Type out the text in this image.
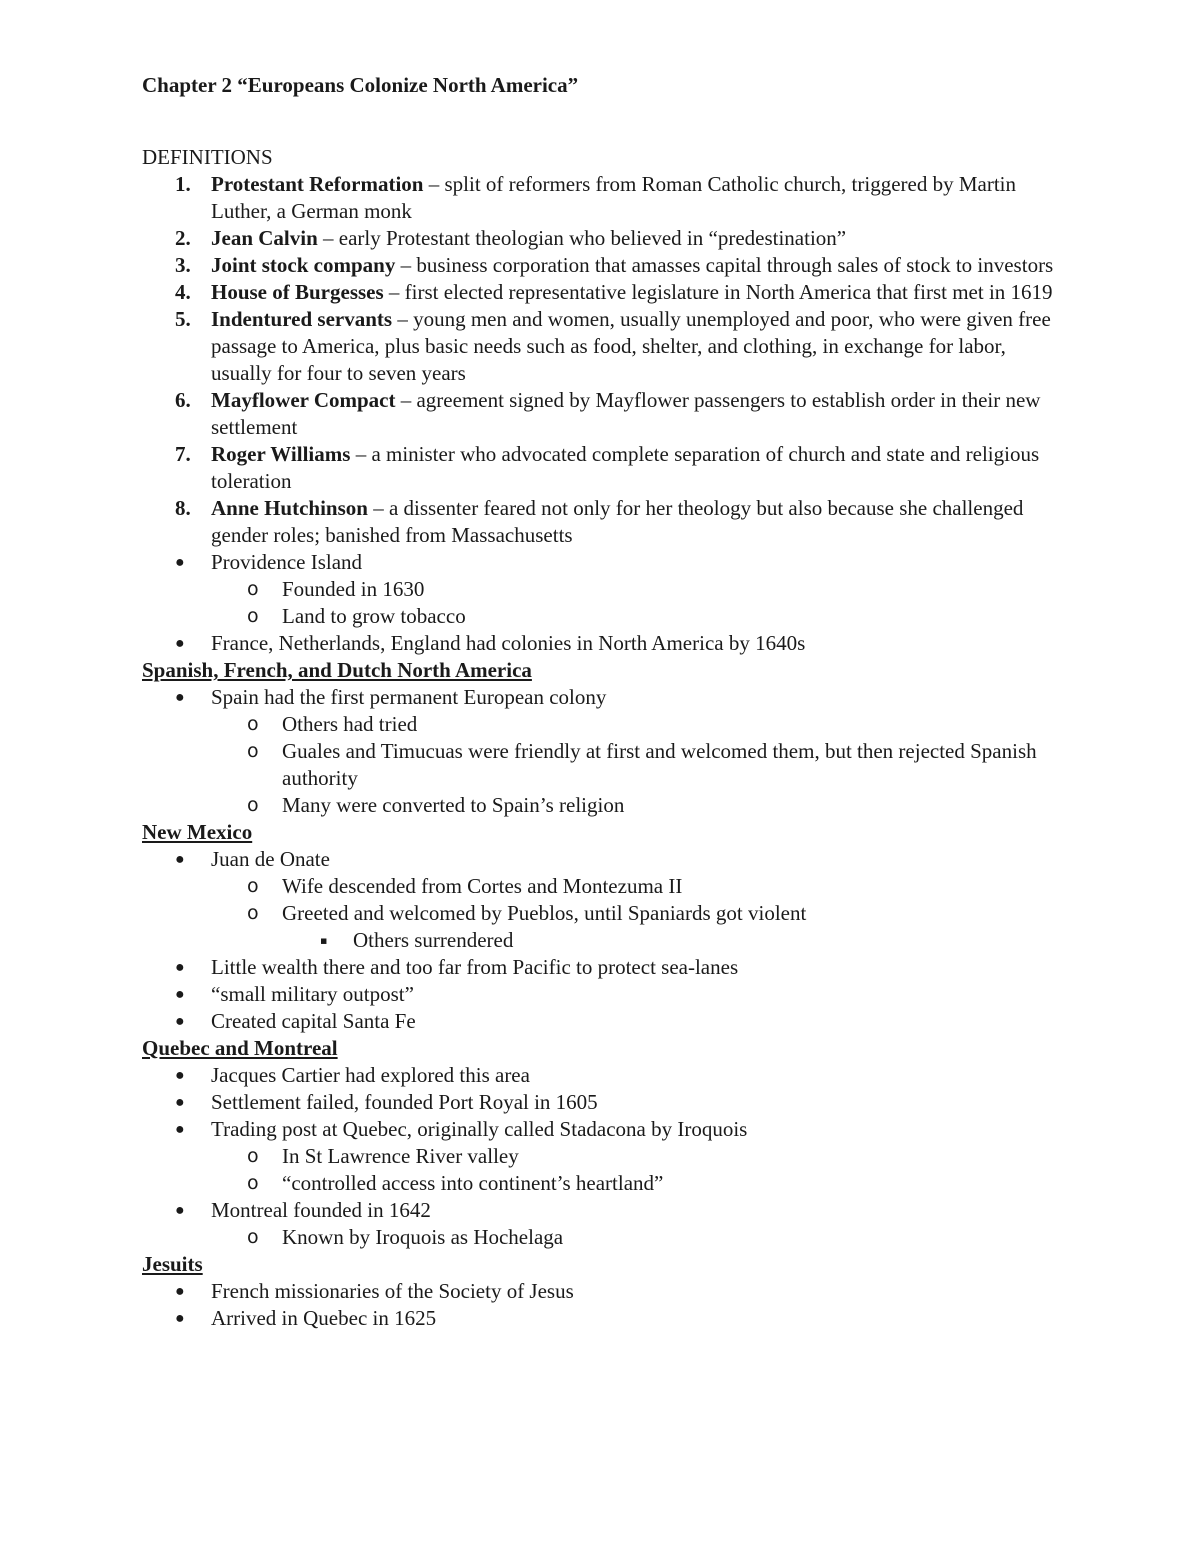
Chapter 2 “Europeans Colonize North America”
DEFINITIONS
1. Protestant Reformation – split of reformers from Roman Catholic church, triggered by Martin Luther, a German monk
2. Jean Calvin – early Protestant theologian who believed in “predestination”
3. Joint stock company – business corporation that amasses capital through sales of stock to investors
4. House of Burgesses – first elected representative legislature in North America that first met in 1619
5. Indentured servants – young men and women, usually unemployed and poor, who were given free passage to America, plus basic needs such as food, shelter, and clothing, in exchange for labor, usually for four to seven years
6. Mayflower Compact – agreement signed by Mayflower passengers to establish order in their new settlement
7. Roger Williams – a minister who advocated complete separation of church and state and religious toleration
8. Anne Hutchinson – a dissenter feared not only for her theology but also because she challenged gender roles; banished from Massachusetts
● Providence Island
o Founded in 1630
o Land to grow tobacco
● France, Netherlands, England had colonies in North America by 1640s
Spanish, French, and Dutch North America
● Spain had the first permanent European colony
o Others had tried
o Guales and Timucuas were friendly at first and welcomed them, but then rejected Spanish authority
o Many were converted to Spain’s religion
New Mexico
● Juan de Onate
o Wife descended from Cortes and Montezuma II
o Greeted and welcomed by Pueblos, until Spaniards got violent
▪ Others surrendered
● Little wealth there and too far from Pacific to protect sea-lanes
● “small military outpost”
● Created capital Santa Fe
Quebec and Montreal
● Jacques Cartier had explored this area
● Settlement failed, founded Port Royal in 1605
● Trading post at Quebec, originally called Stadacona by Iroquois
o In St Lawrence River valley
o “controlled access into continent’s heartland”
● Montreal founded in 1642
o Known by Iroquois as Hochelaga
Jesuits
● French missionaries of the Society of Jesus
● Arrived in Quebec in 1625
